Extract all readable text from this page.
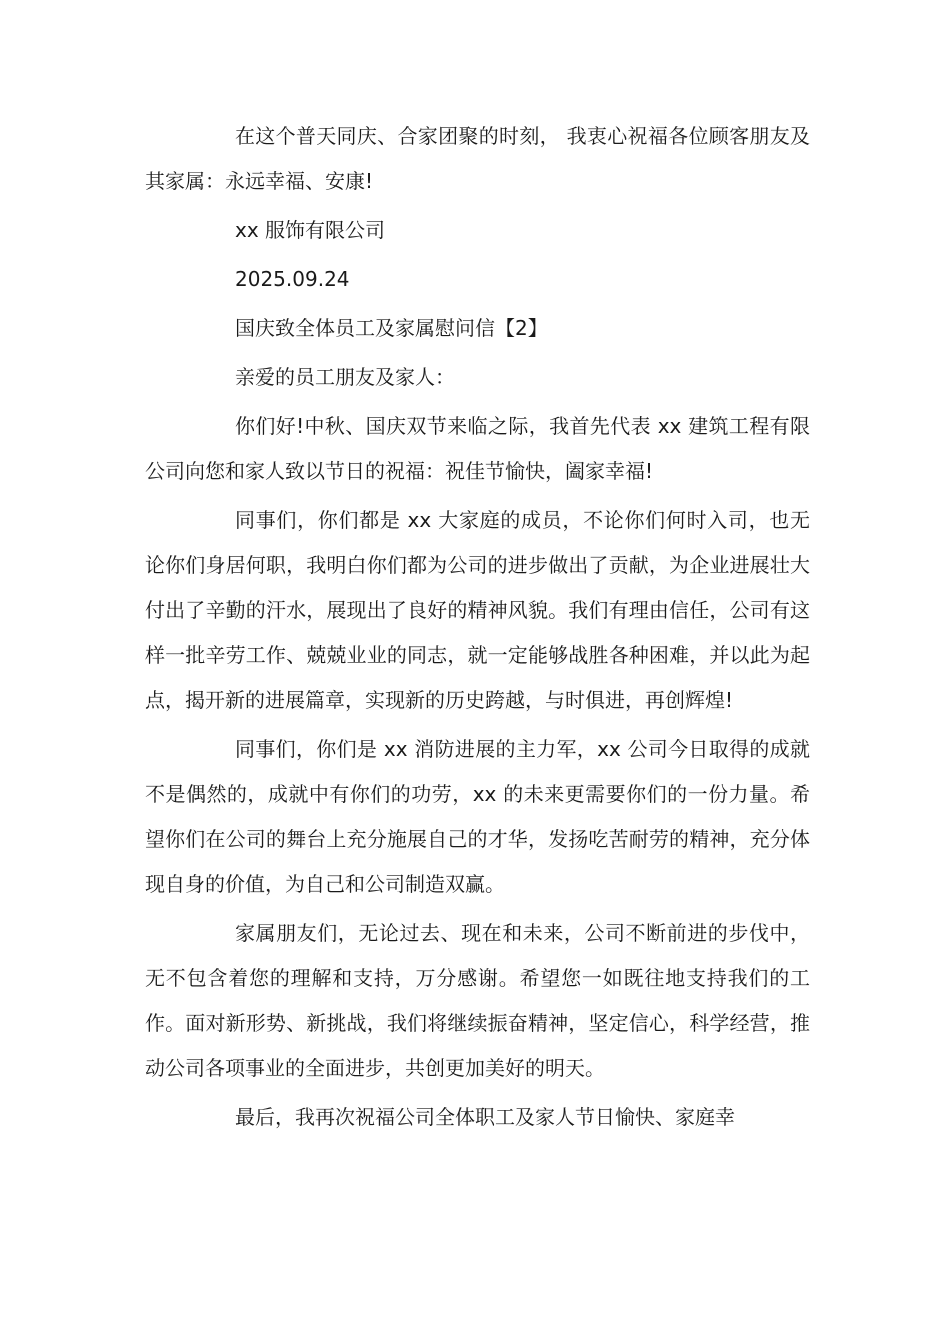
在这个普天同庆、合家团聚的时刻， 我衷心祝福各位顾客朋友及其家属：永远幸福、安康!

xx 服饰有限公司

2025.09.24

国庆致全体员工及家属慰问信【2】

亲爱的员工朋友及家人：

你们好!中秋、国庆双节来临之际，我首先代表 xx 建筑工程有限公司向您和家人致以节日的祝福：祝佳节愉快，阖家幸福!

同事们，你们都是 xx 大家庭的成员，不论你们何时入司，也无论你们身居何职，我明白你们都为公司的进步做出了贡献，为企业进展壮大付出了辛勤的汗水，展现出了良好的精神风貌。我们有理由信任，公司有这样一批辛劳工作、兢兢业业的同志，就一定能够战胜各种困难，并以此为起点，揭开新的进展篇章，实现新的历史跨越，与时俱进，再创辉煌!

同事们，你们是 xx 消防进展的主力军，xx 公司今日取得的成就不是偶然的，成就中有你们的功劳，xx 的未来更需要你们的一份力量。希望你们在公司的舞台上充分施展自己的才华，发扬吃苦耐劳的精神，充分体现自身的价值，为自己和公司制造双赢。

家属朋友们，无论过去、现在和未来，公司不断前进的步伐中，无不包含着您的理解和支持，万分感谢。希望您一如既往地支持我们的工作。面对新形势、新挑战，我们将继续振奋精神，坚定信心，科学经营，推动公司各项事业的全面进步，共创更加美好的明天。

最后，我再次祝福公司全体职工及家人节日愉快、家庭幸
